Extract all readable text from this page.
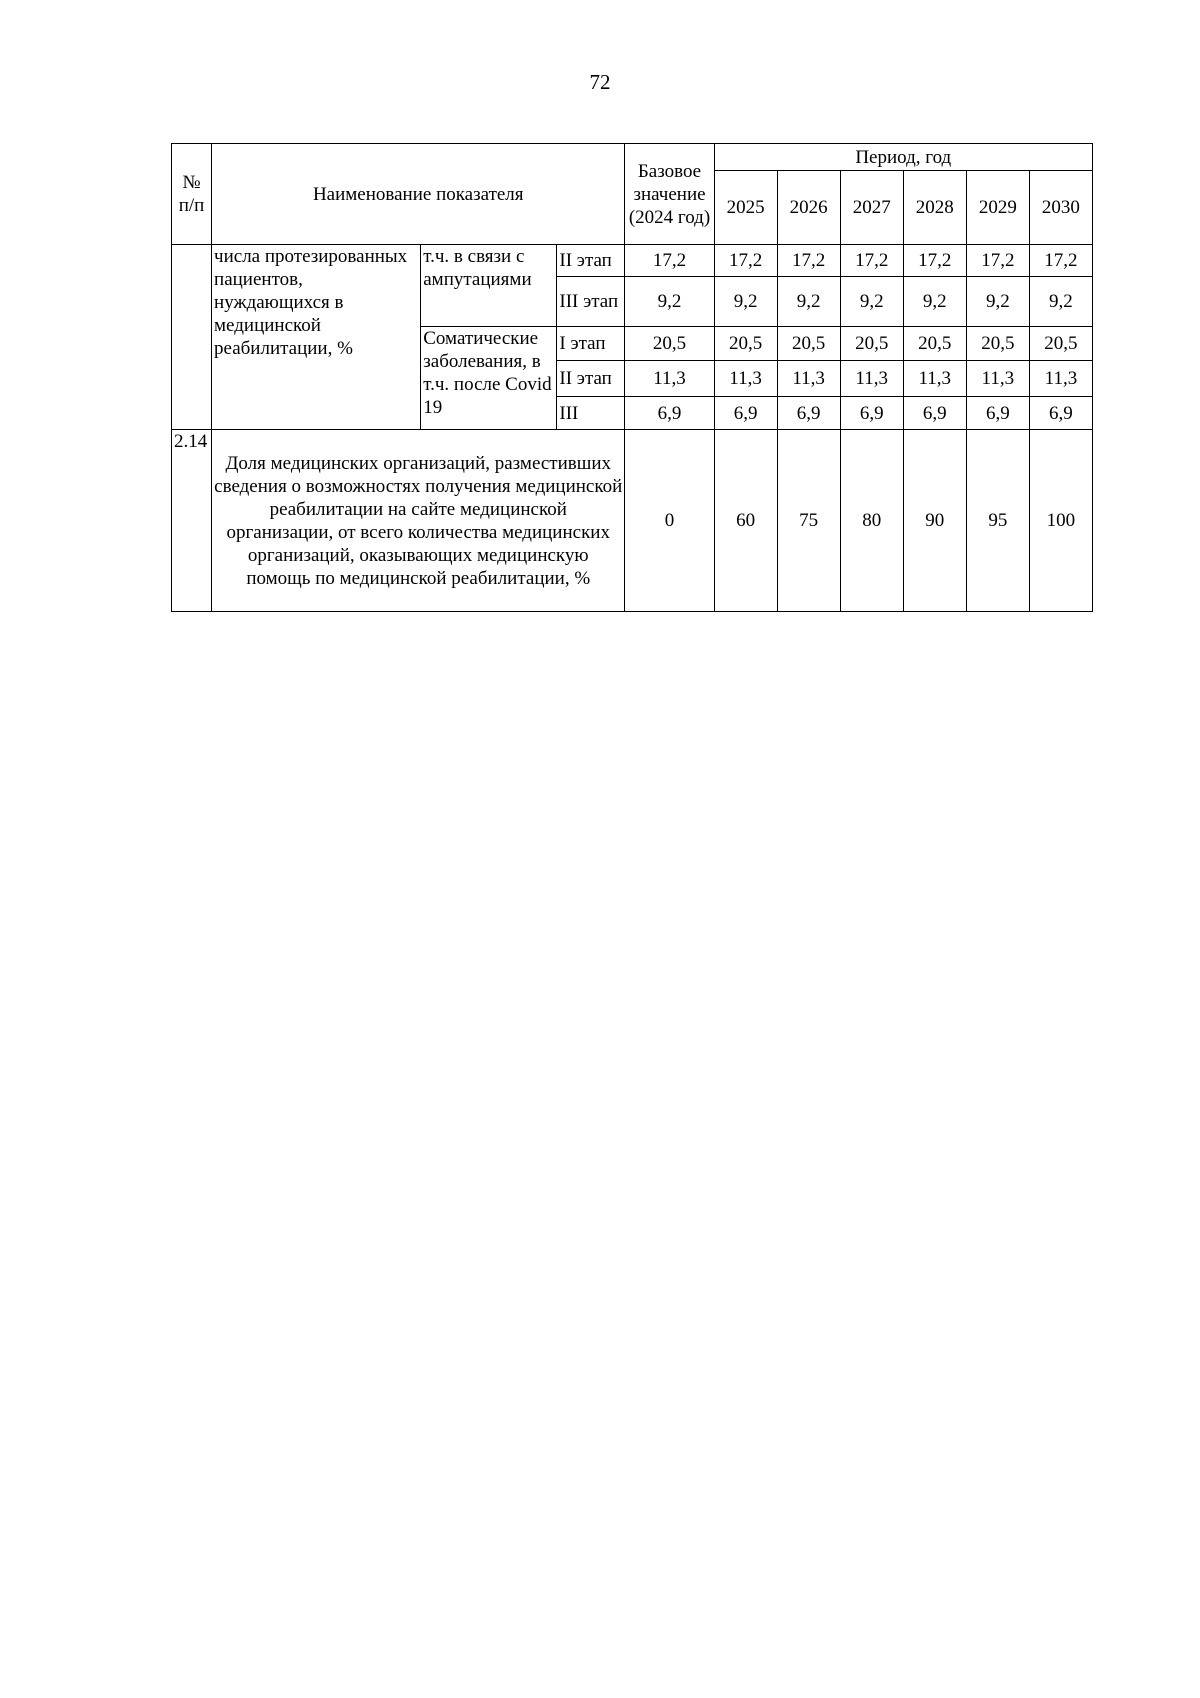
72
№ п/п	Наименование показателя			Базовое значение (2024 год)	Период, год					
					2025	2026	2027	2028	2029	2030
	числа протезированных пациентов, нуждающихся в медицинской реабилитации, %	т.ч. в связи с ампутациями	II этап	17,2	17,2	17,2	17,2	17,2	17,2	17,2
			III этап	9,2	9,2	9,2	9,2	9,2	9,2	9,2
		Соматические заболевания, в т.ч. после Covid 19	I этап	20,5	20,5	20,5	20,5	20,5	20,5	20,5
			II этап	11,3	11,3	11,3	11,3	11,3	11,3	11,3
			III	6,9	6,9	6,9	6,9	6,9	6,9	6,9
2.14	Доля медицинских организаций, разместивших сведения о возможностях получения медицинской реабилитации на сайте медицинской организации, от всего количества медицинских организаций, оказывающих медицинскую помощь по медицинской реабилитации, %			0	60	75	80	90	95	100
